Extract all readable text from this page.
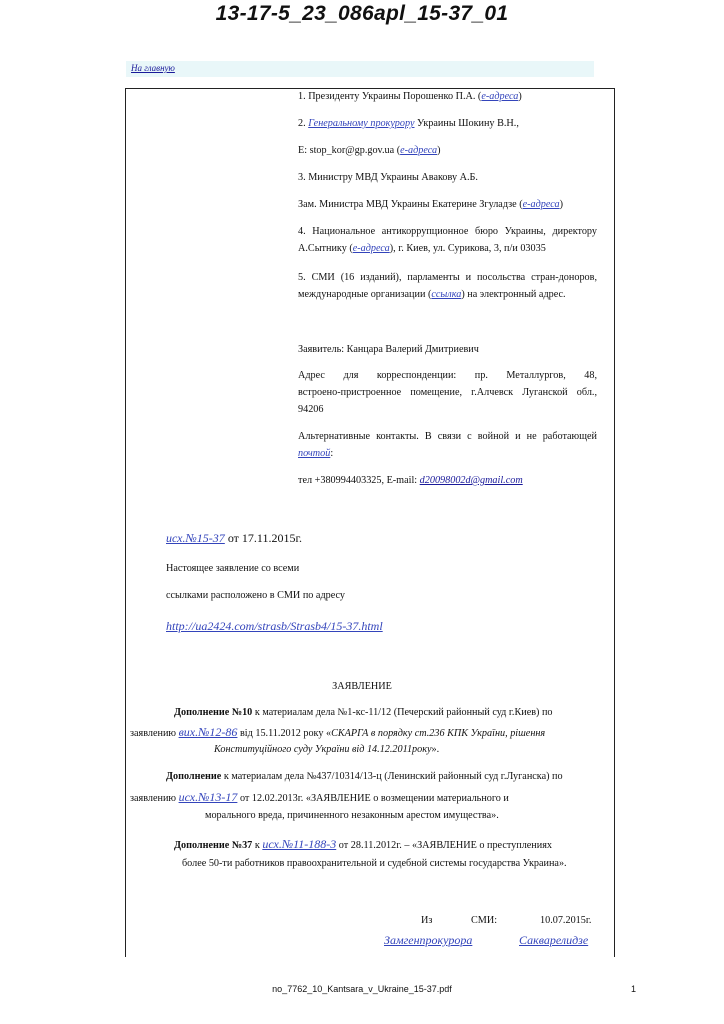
13-17-5_23_086apl_15-37_01
На главную
1. Президенту Украины Порошенко П.А. (e-адреса)
2. Генеральному прокурору Украины Шокину В.Н.,
E: stop_kor@gp.gov.ua (e-адреса)
3. Министру МВД Украины Авакову А.Б.
Зам. Министра МВД Украины Екатерине Згуладзе (e-адреса)
4. Национальное антикоррупционное бюро Украины, директору
А.Сытнику (e-адреса), г. Киев, ул. Сурикова, 3, п/и 03035
5. СМИ (16 изданий), парламенты и посольства стран-доноров,
международные организации (ссылка) на электронный адрес.
Заявитель: Канцара Валерий Дмитриевич
Адрес для корреспонденции: пр. Металлургов, 48,
встроено-пристроенное помещение, г.Алчевск Луганской обл.,
94206
Альтернативные контакты. В связи с войной и не работающей
почтой:
тел +380994403325, E-mail: d20098002d@gmail.com
исх.№15-37 от 17.11.2015г.
Настоящее заявление со всеми
ссылками расположено в СМИ по адресу
http://ua2424.com/strasb/Strasb4/15-37.html
ЗАЯВЛЕНИЕ
Дополнение №10 к материалам дела №1-кс-11/12 (Печерский районный суд г.Киев) по
заявлению вих.№12-86 від 15.11.2012 року «СКАРГА в порядку ст.236 КПК України, рішення
Конституційного суду України від 14.12.2011року».
Дополнение к материалам дела №437/10314/13-ц (Ленинский районный суд г.Луганска) по
заявлению исх.№13-17 от 12.02.2013г. «ЗАЯВЛЕНИЕ о возмещении материального и
морального вреда, причиненного незаконным арестом имущества».
Дополнение №37 к исх.№11-188-3 от 28.11.2012г. – «ЗАЯВЛЕНИЕ о преступлениях
более 50-ти работников правоохранительной и судебной системы государства Украина».
Из	СМИ:	10.07.2015г.
Замгенпрокурора	Сакварелидзе
no_7762_10_Kantsara_v_Ukraine_15-37.pdf	1
